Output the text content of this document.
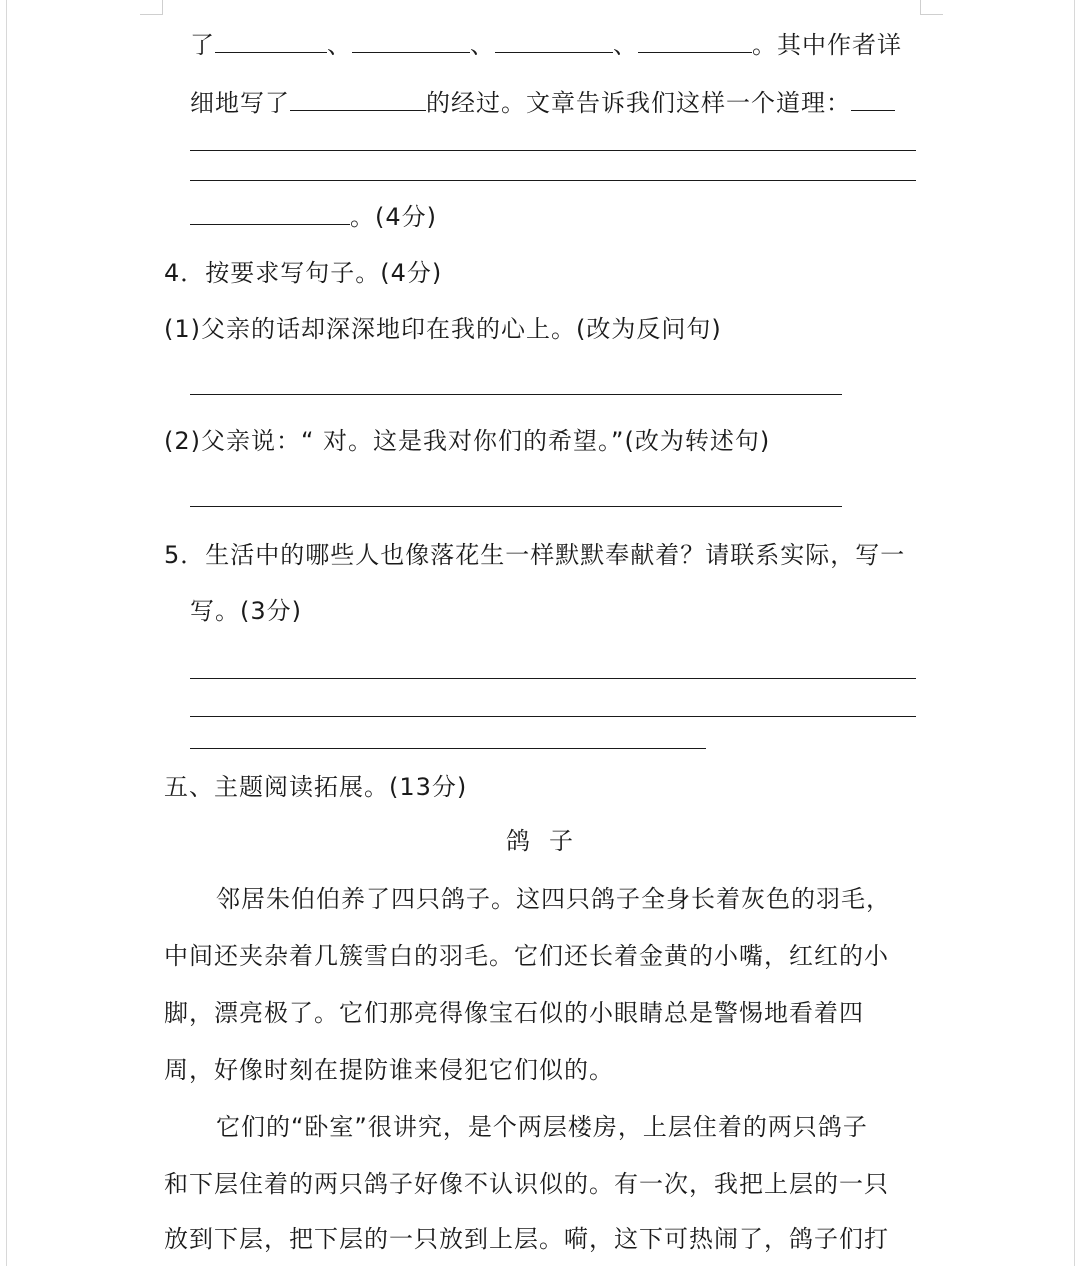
了	、	、	、	。其中作者详
细地写了	的经过。文章告诉我们这样一个道理：
。(4分)
4．按要求写句子。(4分)
(1)父亲的话却深深地印在我的心上。(改为反问句)
(2)父亲说：“ 对。这是我对你们的希望。”(改为转述句)
5．生活中的哪些人也像落花生一样默默奉献着？请联系实际，写一
写。(3分)
五、主题阅读拓展。(13分)
鸽 子
邻居朱伯伯养了四只鸽子。这四只鸽子全身长着灰色的羽毛，
中间还夹杂着几簇雪白的羽毛。它们还长着金黄的小嘴，红红的小
脚，漂亮极了。它们那亮得像宝石似的小眼睛总是警惕地看着四
周，好像时刻在提防谁来侵犯它们似的。
它们的“卧室”很讲究，是个两层楼房，上层住着的两只鸽子
和下层住着的两只鸽子好像不认识似的。有一次，我把上层的一只
放到下层，把下层的一只放到上层。嗬，这下可热闹了，鸽子们打
